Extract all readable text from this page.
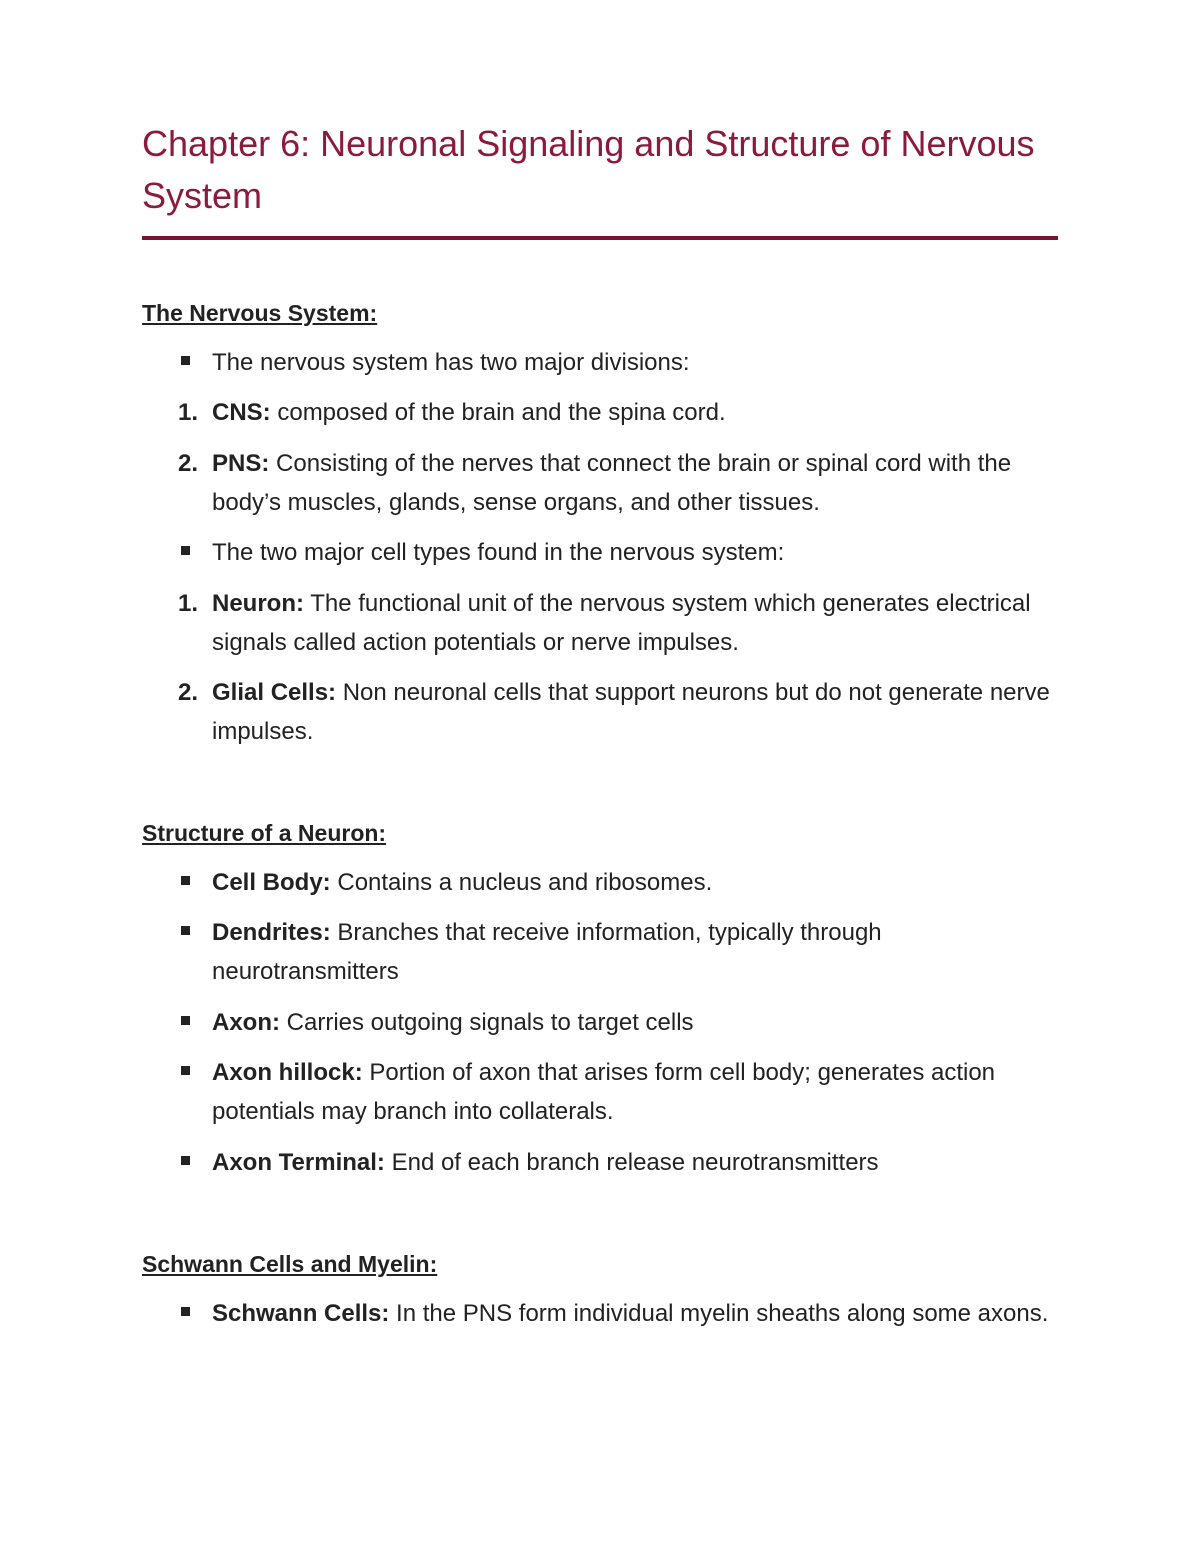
Chapter 6: Neuronal Signaling and Structure of Nervous System
The Nervous System:
The nervous system has two major divisions:
1. CNS: composed of the brain and the spina cord.
2. PNS: Consisting of the nerves that connect the brain or spinal cord with the body’s muscles, glands, sense organs, and other tissues.
The two major cell types found in the nervous system:
1. Neuron: The functional unit of the nervous system which generates electrical signals called action potentials or nerve impulses.
2. Glial Cells: Non neuronal cells that support neurons but do not generate nerve impulses.
Structure of a Neuron:
Cell Body: Contains a nucleus and ribosomes.
Dendrites: Branches that receive information, typically through neurotransmitters
Axon: Carries outgoing signals to target cells
Axon hillock: Portion of axon that arises form cell body; generates action potentials may branch into collaterals.
Axon Terminal: End of each branch release neurotransmitters
Schwann Cells and Myelin:
Schwann Cells: In the PNS form individual myelin sheaths along some axons.
